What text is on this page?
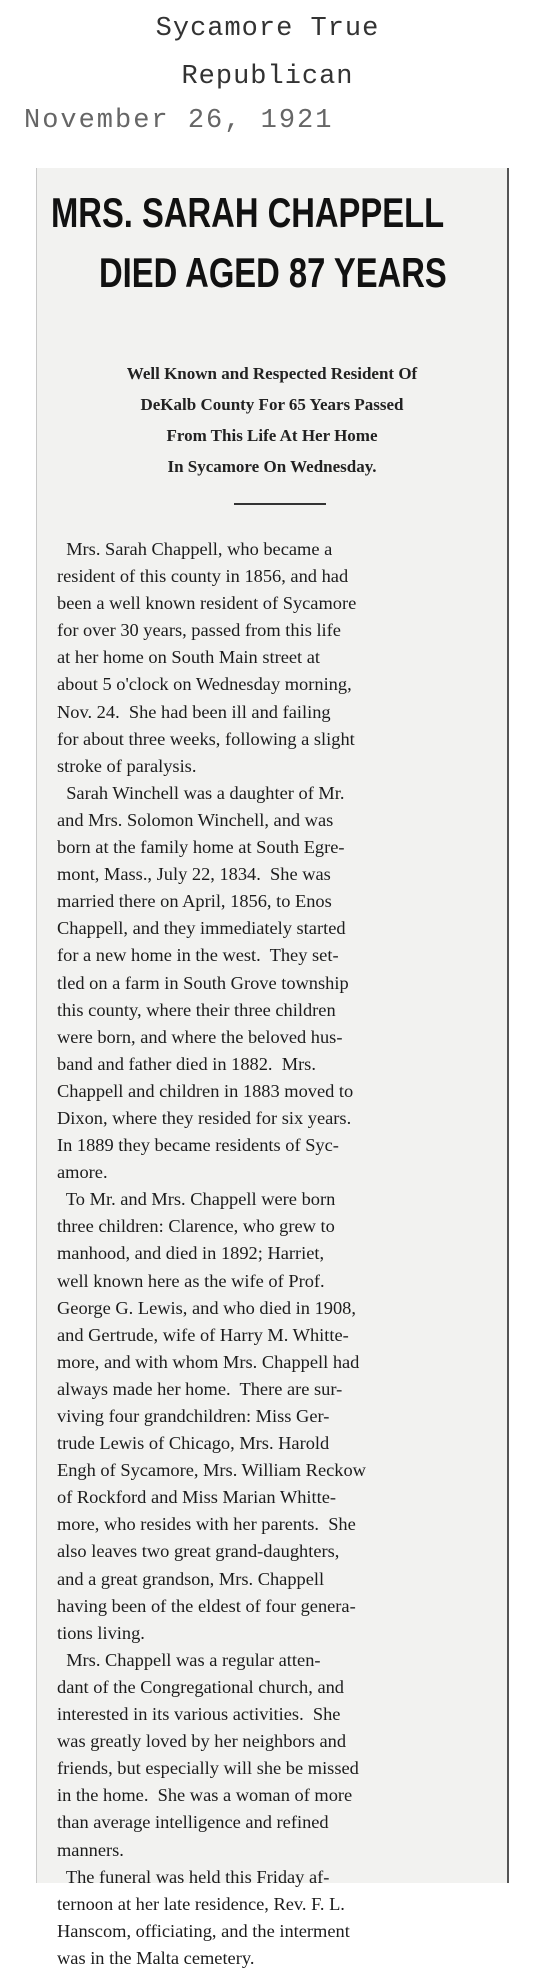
Sycamore True
Republican
November 26, 1921
MRS. SARAH CHAPPELL
DIED AGED 87 YEARS
Well Known and Respected Resident Of
DeKalb County For 65 Years Passed
From This Life At Her Home
In Sycamore On Wednesday.
Mrs. Sarah Chappell, who became a
resident of this county in 1856, and had
been a well known resident of Sycamore
for over 30 years, passed from this life
at her home on South Main street at
about 5 o'clock on Wednesday morning,
Nov. 24.  She had been ill and failing
for about three weeks, following a slight
stroke of paralysis.
Sarah Winchell was a daughter of Mr.
and Mrs. Solomon Winchell, and was
born at the family home at South Egre-
mont, Mass., July 22, 1834.  She was
married there on April, 1856, to Enos
Chappell, and they immediately started
for a new home in the west.  They set-
tled on a farm in South Grove township
this county, where their three children
were born, and where the beloved hus-
band and father died in 1882.  Mrs.
Chappell and children in 1883 moved to
Dixon, where they resided for six years.
In 1889 they became residents of Syc-
amore.
To Mr. and Mrs. Chappell were born
three children: Clarence, who grew to
manhood, and died in 1892; Harriet,
well known here as the wife of Prof.
George G. Lewis, and who died in 1908,
and Gertrude, wife of Harry M. Whitte-
more, and with whom Mrs. Chappell had
always made her home.  There are sur-
viving four grandchildren: Miss Ger-
trude Lewis of Chicago, Mrs. Harold
Engh of Sycamore, Mrs. William Reckow
of Rockford and Miss Marian Whitte-
more, who resides with her parents.  She
also leaves two great grand-daughters,
and a great grandson, Mrs. Chappell
having been of the eldest of four genera-
tions living.
Mrs. Chappell was a regular atten-
dant of the Congregational church, and
interested in its various activities.  She
was greatly loved by her neighbors and
friends, but especially will she be missed
in the home.  She was a woman of more
than average intelligence and refined
manners.
The funeral was held this Friday af-
ternoon at her late residence, Rev. F. L.
Hanscom, officiating, and the interment
was in the Malta cemetery.
